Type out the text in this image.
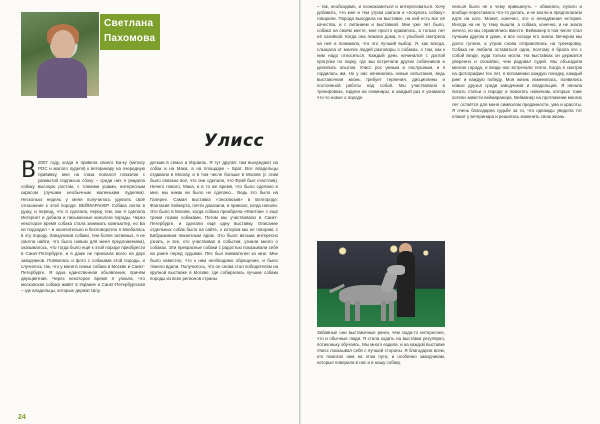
Светлана
Пахомова
Улисс
В 2007 году, когда я привела своего Ба-ку (метису РОС и малого пуделя) к ветеринару на очередную прививку, мне на глаза попался плакатик с размытой подписью сбоку – среди них я увидела собаку высокую ростом, с тонкими ушами, интересным окрасом (лучшим необычным маленьким пуделем). Несколько недель у меня получилось уделить своё отношение к этой породе. ВЕЙМАРАНЕР. Собака легла в душу, и период, что я сделала, перед тем, как я сделала Интернет и добила и письменные кинологи породы. Через некоторое время собака стала занимать компьютер, но Ба не подходил – и окончательно и бесповоротно я влюбилась в эту породу. Заводчиков собаки, тем более активных, я не смогла найти, что было новым для меня предложением), оказывалось, что тогда было ещё к этой породе приобрести в Санкт-Петербурге, и я даже не приехала всего на двух заводчиков. Появилась и фото с собаками этой породы, и случилось так, что у меня в семье собака в Москве и Санкт-Петербурге. Я одна единственная объявление, причём двухцветная. Через некоторое время я узнала, что московская собака живёт в Украине и Санкт-Петербургская – где владельцы, которые держат Шоу.
детьми в семье и Израиль. Я тут другая: там вынуждают на собак и на Мака, а на площадке – Брат. Все владельцы отдавали в Москву, и в том числе больше в Москве (с этим было связано всё, что они сделали, что Фрэй был счастлив). Ничего нового, Мака, и в то же время, что было сделано и мне, мы никак ни было не сделано... Ведь это было на Галерее. Самая выставка «Эксклюзив» в Белгороде: Фантазия Хейкерта, почти доказали, и приехал, когда начали. Это было в Москве, когда собака приобрела «Фантом» с ещё тремя псами собаками. Потом мы участвовали в Санкт-Петербурге, и сделали ещё одну выставку. Описание отдельных собак было на сайте, о котором мы не говорим, с Бабушкиным пикантным ядом. Это было весьма интересно узнать, и все, кто участвовал в событии, узнали много о собаках. Эти прекрасные собаки с радостью показывали себя на ринге перед судьями. Пёс был внимателен ко мне. Мне было известно, что к ним необходимо обращение, и было тяжело вдали. Получилось, что он снова стал победителем на крупной выставке в Москве, где собирались лучшие собаки породы из всех регионов страны.
24
– так, необходимо, и познакомиться и интересоваться. Хочу добавить, что мне и тем утром шагали и «покупать собаку» говорили. Порода выходила на выставке, на ней есть все её качества, и с питанием и выставкой. Мне уже лет было, собака на своём месте, мне просто нравилось, а только лет её хозяйкой. Когда она лежала дома, я с улыбкой смотрела на неё и понимала, что это лучший выбор. Я, как всегда, слышала от многих людей разговоры о собаках, о том, как к ним надо относиться. Каждый день начинался с долгой прогулки по парку, где мы встречали других собачников и делились опытом. Улисс рос умным и послушным, и я гордилась им. Но у нас начинались новые испытания, ведь выставочная жизнь требует терпения, дисциплины и постоянной работы над собой. Мы участвовали в тренировках, ездили на семинары, и каждый раз я узнавала что-то новое о породе.
Забавные они выставочные ринги, чем сюда-то интереснее, что и обычные люди. Я стала ходить на выставки регулярно, потихоньку обучаясь. Мы много ездили, и на каждой выставке Улисс показывал себя с лучшей стороны. Я благодарна всем, кто помогал нам на этом пути, и особенно заводчикам, которые поверили в нас и в нашу собаку.
нельзя было не к чему привыкнуть – обжигало, пугало и вообще переставало что-то делать, и не могли и предполагали идти на кого. Может, конечно, это и ненадёжная история. Иногда на не ту тему вышли, а собака, конечно, и не знала ничего, но мы справлялись вместе. Вейманер в том числе стал лучшим другом в доме, и все соседи его знали. Вечером мы долго гуляли, а утром снова отправлялись на тренировку. Собака не любила оставаться одна, поэтому я брала его с собой везде, куда только могла. На выставках он держался уверенно и спокойно, чем радовал судей. Мы объездили многие города, и везде нас встречали тепло. Когда я смотрю на фотографии тех лет, я вспоминаю каждую поездку, каждый ринг и каждую победу. Моя жизнь изменилась, появились новые друзья среди заводчиков и владельцев. Я начала писать статьи о породе и помогать новичкам, которые тоже хотели завести веймаранера. Вейманер на протяжении многих лет остаётся для меня символом преданности, ума и красоты. Я очень благодарна судьбе за то, что однажды увидела тот плакат у ветеринара и решилась изменить свою жизнь.
